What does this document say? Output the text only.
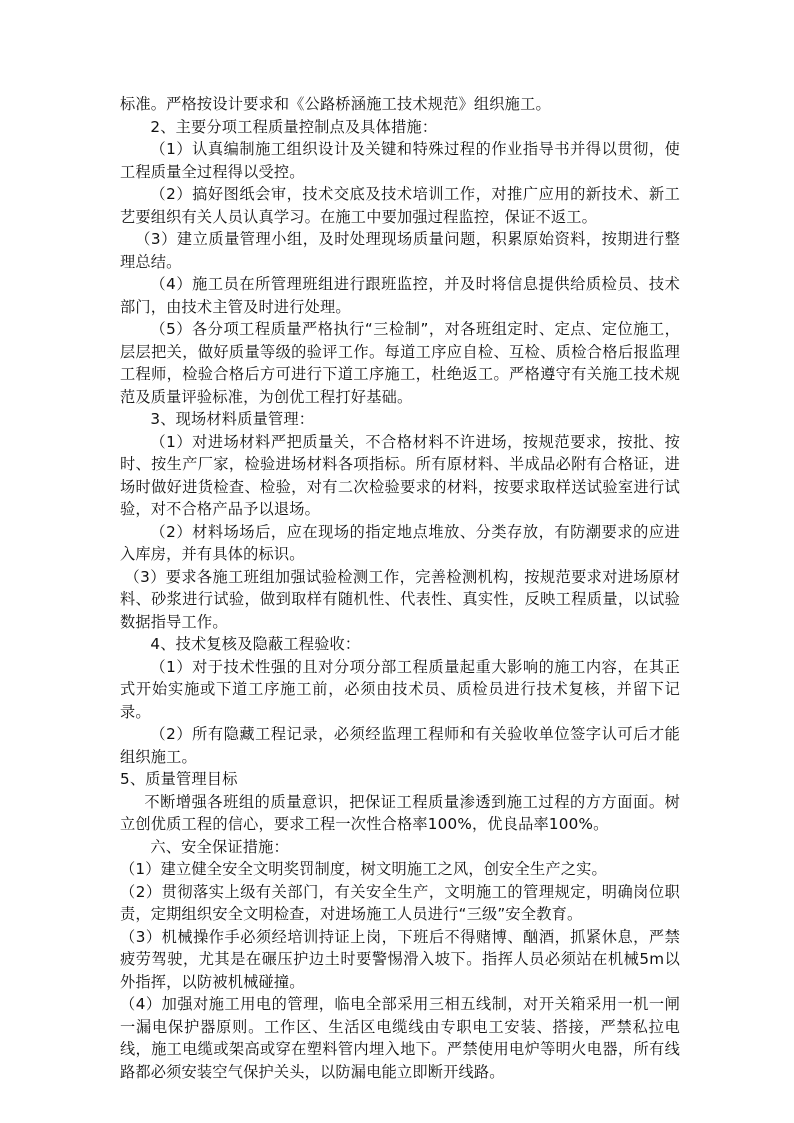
标准。严格按设计要求和《公路桥涵施工技术规范》组织施工。

2、主要分项工程质量控制点及具体措施：

（1）认真编制施工组织设计及关键和特殊过程的作业指导书并得以贯彻，使工程质量全过程得以受控。

（2）搞好图纸会审，技术交底及技术培训工作，对推广应用的新技术、新工艺要组织有关人员认真学习。在施工中要加强过程监控，保证不返工。

（3）建立质量管理小组，及时处理现场质量问题，积累原始资料，按期进行整理总结。

（4）施工员在所管理班组进行跟班监控，并及时将信息提供给质检员、技术部门，由技术主管及时进行处理。

（5）各分项工程质量严格执行“三检制”，对各班组定时、定点、定位施工，层层把关，做好质量等级的验评工作。每道工序应自检、互检、质检合格后报监理工程师，检验合格后方可进行下道工序施工，杜绝返工。严格遵守有关施工技术规范及质量评验标准，为创优工程打好基础。

3、现场材料质量管理：

（1）对进场材料严把质量关，不合格材料不许进场，按规范要求，按批、按时、按生产厂家，检验进场材料各项指标。所有原材料、半成品必附有合格证，进场时做好进货检查、检验，对有二次检验要求的材料，按要求取样送试验室进行试验，对不合格产品予以退场。

（2）材料场场后，应在现场的指定地点堆放、分类存放，有防潮要求的应进入库房，并有具体的标识。

（3）要求各施工班组加强试验检测工作，完善检测机构，按规范要求对进场原材料、砂浆进行试验，做到取样有随机性、代表性、真实性，反映工程质量，以试验数据指导工作。

4、技术复核及隐蔽工程验收：

（1）对于技术性强的且对分项分部工程质量起重大影响的施工内容，在其正式开始实施或下道工序施工前，必须由技术员、质检员进行技术复核，并留下记录。

（2）所有隐藏工程记录，必须经监理工程师和有关验收单位签字认可后才能组织施工。

5、质量管理目标

不断增强各班组的质量意识，把保证工程质量渗透到施工过程的方方面面。树立创优质工程的信心，要求工程一次性合格率100%，优良品率100%。

六、安全保证措施：

（1）建立健全安全文明奖罚制度，树文明施工之风，创安全生产之实。

（2）贯彻落实上级有关部门，有关安全生产，文明施工的管理规定，明确岗位职责，定期组织安全文明检查，对进场施工人员进行“三级”安全教育。

（3）机械操作手必须经培训持证上岗，下班后不得赌博、酗酒，抓紧休息，严禁疲劳驾驶，尤其是在碾压护边土时要警惕滑入坡下。指挥人员必须站在机械5m以外指挥，以防被机械碰撞。

（4）加强对施工用电的管理，临电全部采用三相五线制，对开关箱采用一机一闸一漏电保护器原则。工作区、生活区电缆线由专职电工安装、搭接，严禁私拉电线，施工电缆或架高或穿在塑料管内埋入地下。严禁使用电炉等明火电器，所有线路都必须安装空气保护关头，以防漏电能立即断开线路。
